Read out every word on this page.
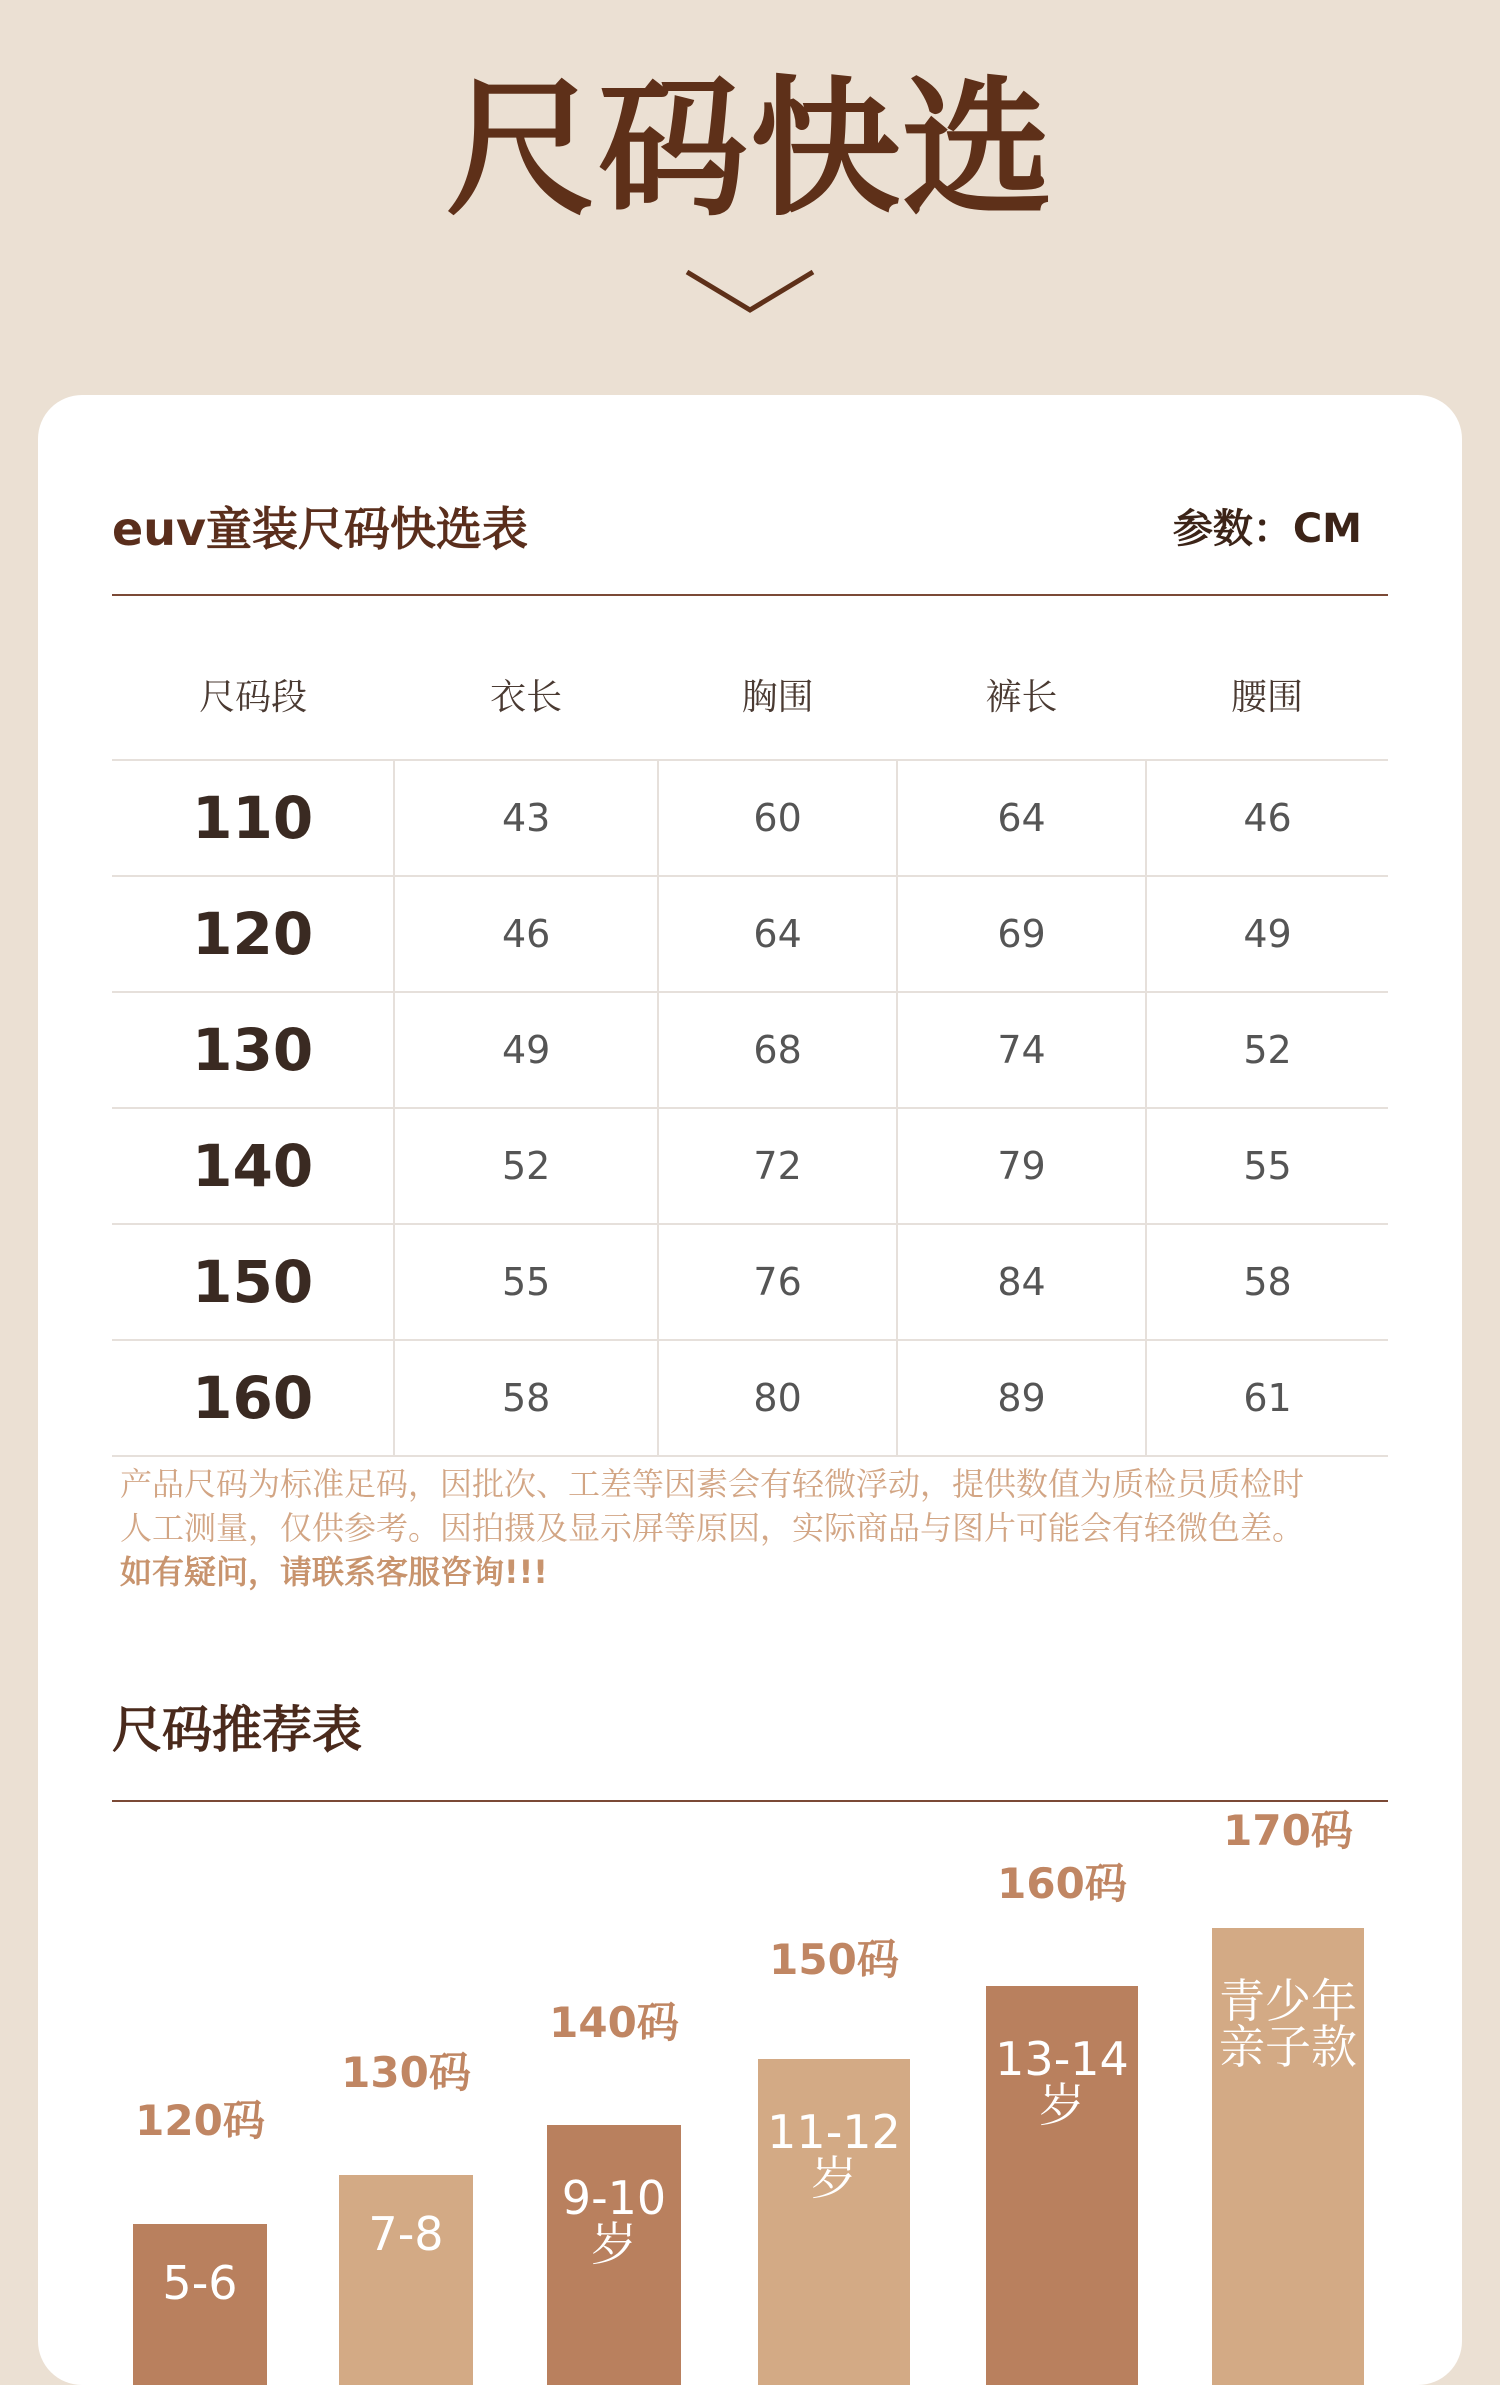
尺码快选
euv童装尺码快选表	参数：CM
尺码段	衣长	胸围	裤长	腰围
110	43	60	64	46
120	46	64	69	49
130	49	68	74	52
140	52	72	79	55
150	55	76	84	58
160	58	80	89	61
产品尺码为标准足码，因批次、工差等因素会有轻微浮动，提供数值为质检员质检时
人工测量，仅供参考。因拍摄及显示屏等原因，实际商品与图片可能会有轻微色差。
如有疑问，请联系客服咨询!!!
尺码推荐表
120码
5-6
130码
7-8
140码
9-10岁
150码
11-12岁
160码
13-14岁
170码
青少年亲子款
